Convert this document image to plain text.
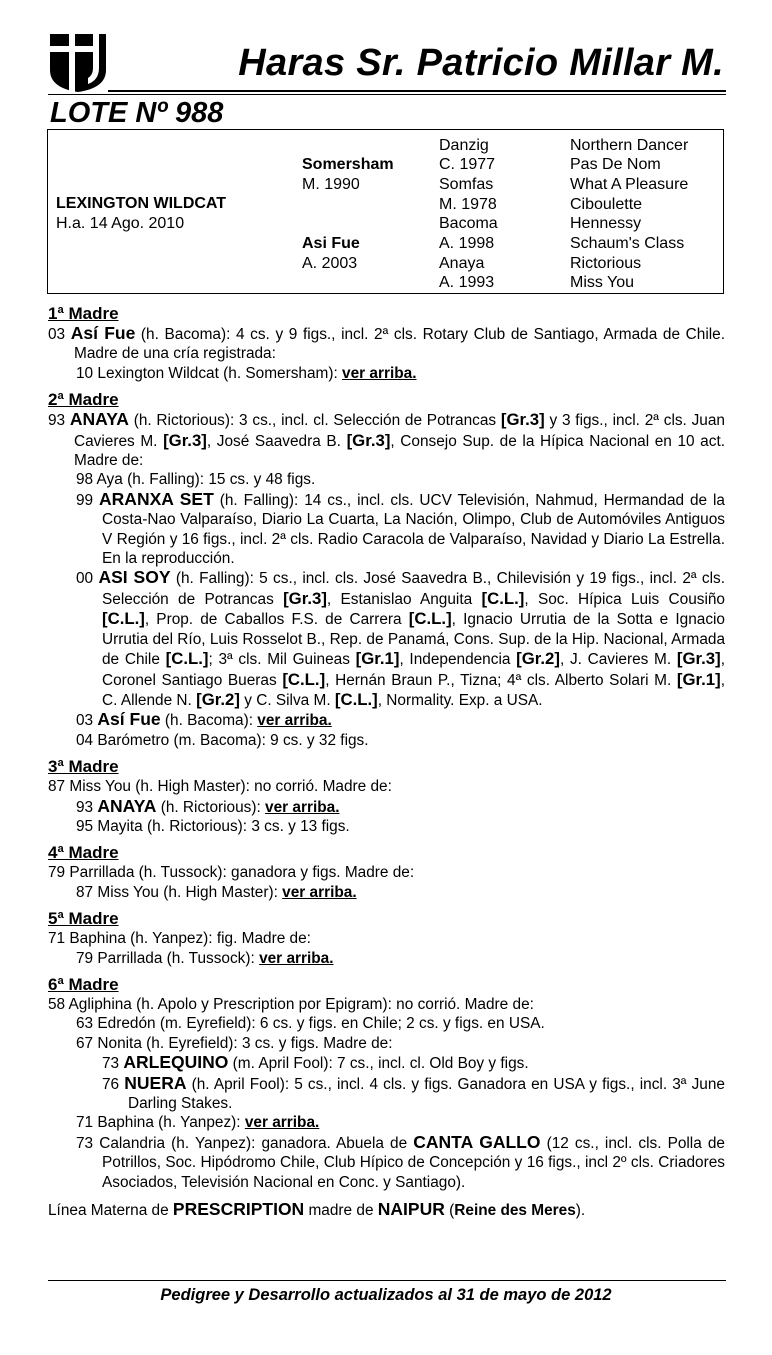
Haras Sr. Patricio Millar M.
LOTE Nº 988
LEXINGTON WILDCAT
H.a. 14 Ago. 2010
Somersham
M. 1990
Asi Fue
A. 2003
Danzig
C. 1977
Somfas
M. 1978
Bacoma
A. 1998
Anaya
A. 1993
Northern Dancer
Pas De Nom
What A Pleasure
Ciboulette
Hennessy
Schaum's Class
Rictorious
Miss You
1ª Madre
03 Así Fue (h. Bacoma): 4 cs. y 9 figs., incl. 2ª cls. Rotary Club de Santiago, Armada de Chile. Madre de una cría registrada:
10 Lexington Wildcat (h. Somersham): ver arriba.
2ª Madre
93 ANAYA (h. Rictorious): 3 cs., incl. cl. Selección de Potrancas [Gr.3] y 3 figs., incl. 2ª cls. Juan Cavieres M. [Gr.3], José Saavedra B. [Gr.3], Consejo Sup. de la Hípica Nacional en 10 act. Madre de:
98 Aya (h. Falling): 15 cs. y 48 figs.
99 ARANXA SET (h. Falling): 14 cs., incl. cls. UCV Televisión, Nahmud, Hermandad de la Costa-Nao Valparaíso, Diario La Cuarta, La Nación, Olimpo, Club de Automóviles Antiguos V Región y 16 figs., incl. 2ª cls. Radio Caracola de Valparaíso, Navidad y Diario La Estrella. En la reproducción.
00 ASI SOY (h. Falling): 5 cs., incl. cls. José Saavedra B., Chilevisión y 19 figs., incl. 2ª cls. Selección de Potrancas [Gr.3], Estanislao Anguita [C.L.], Soc. Hípica Luis Cousiño [C.L.], Prop. de Caballos F.S. de Carrera [C.L.], Ignacio Urrutia de la Sotta e Ignacio Urrutia del Río, Luis Rosselot B., Rep. de Panamá, Cons. Sup. de la Hip. Nacional, Armada de Chile [C.L.]; 3ª cls. Mil Guineas [Gr.1], Independencia [Gr.2], J. Cavieres M. [Gr.3], Coronel Santiago Bueras [C.L.], Hernán Braun P., Tizna; 4ª cls. Alberto Solari M. [Gr.1], C. Allende N. [Gr.2] y C. Silva M. [C.L.], Normality. Exp. a USA.
03 Así Fue (h. Bacoma): ver arriba.
04 Barómetro (m. Bacoma): 9 cs. y 32 figs.
3ª Madre
87 Miss You (h. High Master): no corrió. Madre de:
93 ANAYA (h. Rictorious): ver arriba.
95 Mayita (h. Rictorious): 3 cs. y 13 figs.
4ª Madre
79 Parrillada (h. Tussock): ganadora y figs. Madre de:
87 Miss You (h. High Master): ver arriba.
5ª Madre
71 Baphina (h. Yanpez): fig. Madre de:
79 Parrillada (h. Tussock): ver arriba.
6ª Madre
58 Agliphina (h. Apolo y Prescription por Epigram): no corrió. Madre de:
63 Edredón (m. Eyrefield): 6 cs. y figs. en Chile; 2 cs. y figs. en USA.
67 Nonita (h. Eyrefield): 3 cs. y figs. Madre de:
73 ARLEQUINO (m. April Fool): 7 cs., incl. cl. Old Boy y figs.
76 NUERA (h. April Fool): 5 cs., incl. 4 cls. y figs. Ganadora en USA y figs., incl. 3ª June Darling Stakes.
71 Baphina (h. Yanpez): ver arriba.
73 Calandria (h. Yanpez): ganadora. Abuela de CANTA GALLO (12 cs., incl. cls. Polla de Potrillos, Soc. Hipódromo Chile, Club Hípico de Concepción y 16 figs., incl 2º cls. Criadores Asociados, Televisión Nacional en Conc. y Santiago).
Línea Materna de PRESCRIPTION madre de NAIPUR (Reine des Meres).
Pedigree y Desarrollo actualizados al 31 de mayo de 2012
